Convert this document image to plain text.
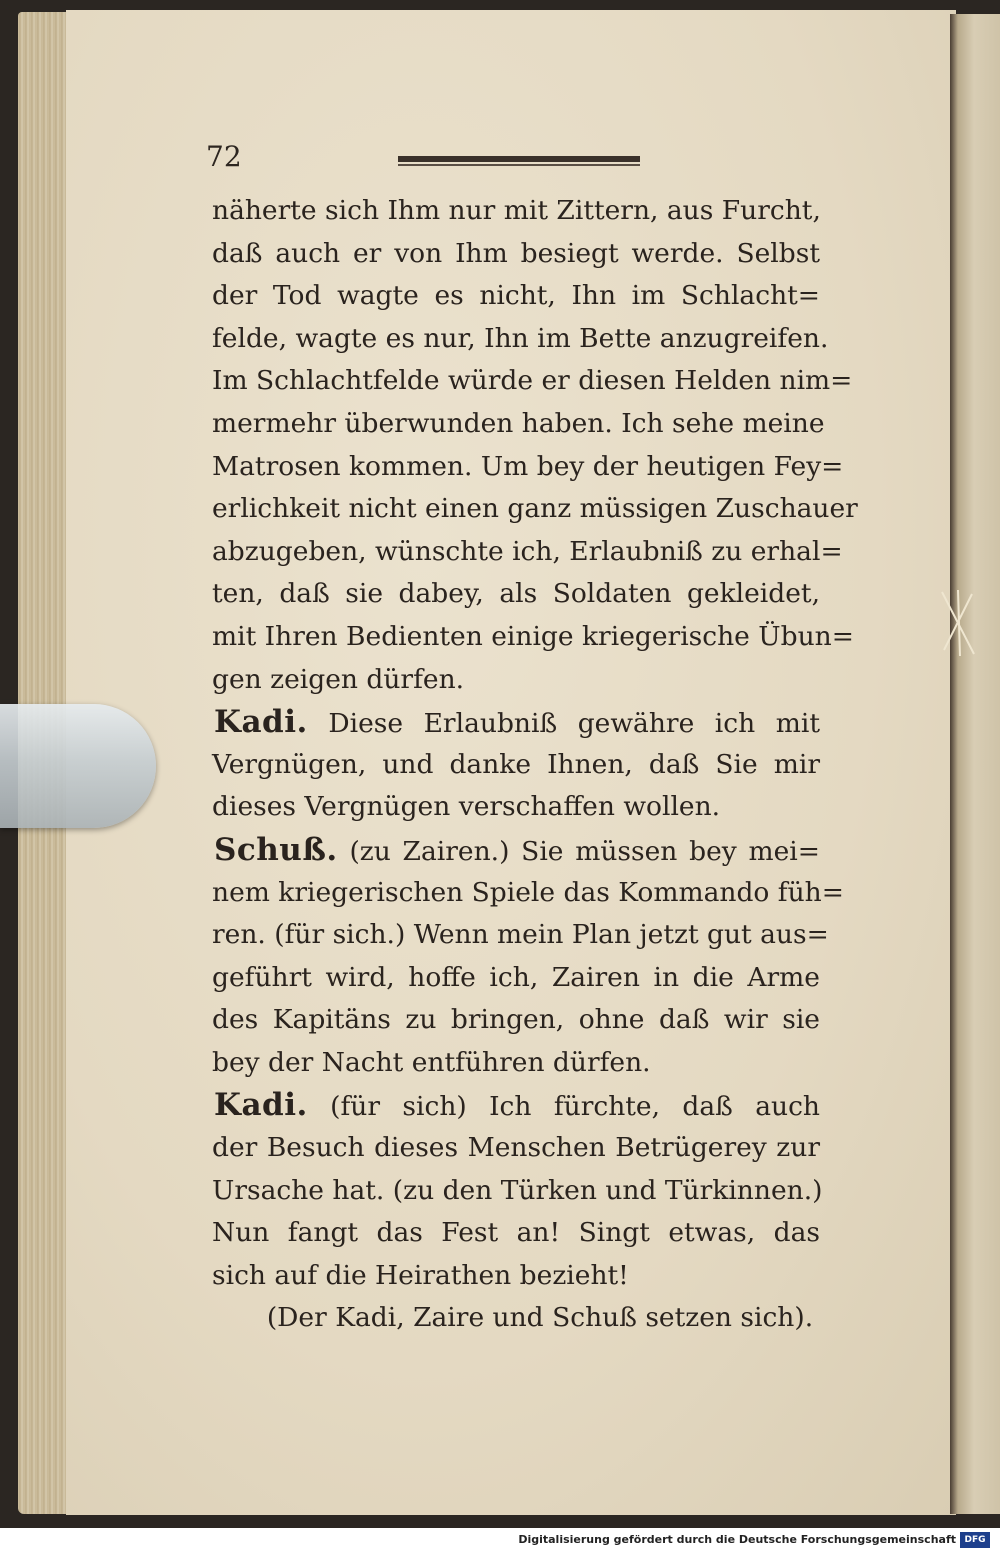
72
näherte sich Ihm nur mit Zittern, aus Furcht,
daß auch er von Ihm besiegt werde. Selbst
der Tod wagte es nicht, Ihn im Schlacht=
felde, wagte es nur, Ihn im Bette anzugreifen.
Im Schlachtfelde würde er diesen Helden nim=
mermehr überwunden haben. Ich sehe meine
Matrosen kommen. Um bey der heutigen Fey=
erlichkeit nicht einen ganz müssigen Zuschauer
abzugeben, wünschte ich, Erlaubniß zu erhal=
ten, daß sie dabey, als Soldaten gekleidet,
mit Ihren Bedienten einige kriegerische Übun=
gen zeigen dürfen.
Kadi. Diese Erlaubniß gewähre ich mit
Vergnügen, und danke Ihnen, daß Sie mir
dieses Vergnügen verschaffen wollen.
Schuß. (zu Zairen.) Sie müssen bey mei=
nem kriegerischen Spiele das Kommando füh=
ren. (für sich.) Wenn mein Plan jetzt gut aus=
geführt wird, hoffe ich, Zairen in die Arme
des Kapitäns zu bringen, ohne daß wir sie
bey der Nacht entführen dürfen.
Kadi. (für sich) Ich fürchte, daß auch
der Besuch dieses Menschen Betrügerey zur
Ursache hat. (zu den Türken und Türkinnen.)
Nun fangt das Fest an! Singt etwas, das
sich auf die Heirathen bezieht!
(Der Kadi, Zaire und Schuß setzen sich).
Digitalisierung gefördert durch die Deutsche Forschungsgemeinschaft DFG
